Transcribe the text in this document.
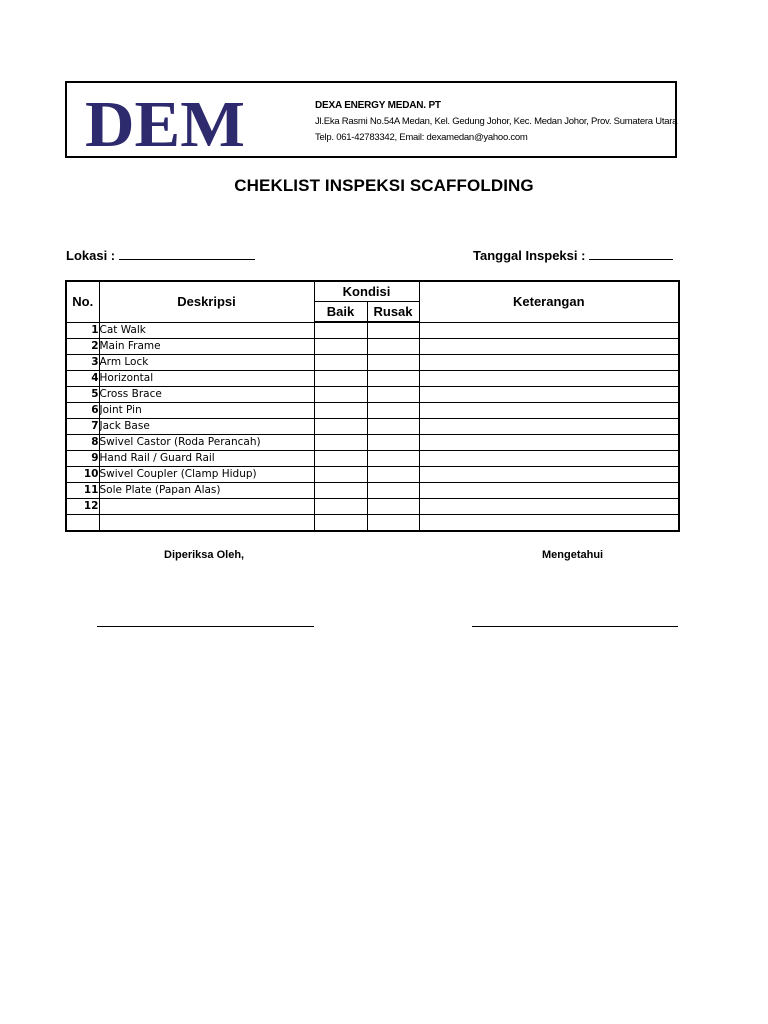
DEM	DEXA ENERGY MEDAN. PT
Jl.Eka Rasmi No.54A Medan, Kel. Gedung Johor, Kec. Medan Johor, Prov. Sumatera Utara
Telp. 061-42783342, Email: dexamedan@yahoo.com
CHEKLIST INSPEKSI SCAFFOLDING
Lokasi :	Tanggal Inspeksi :
No.	Deskripsi	Kondisi		Keterangan
		Baik	Rusak	
1	Cat Walk			
2	Main Frame			
3	Arm Lock			
4	Horizontal			
5	Cross Brace			
6	Joint Pin			
7	Jack Base			
8	Swivel Castor (Roda Perancah)			
9	Hand Rail / Guard Rail			
10	Swivel Coupler (Clamp Hidup)			
11	Sole Plate (Papan Alas)			
12				

Diperiksa Oleh,	Mengetahui
